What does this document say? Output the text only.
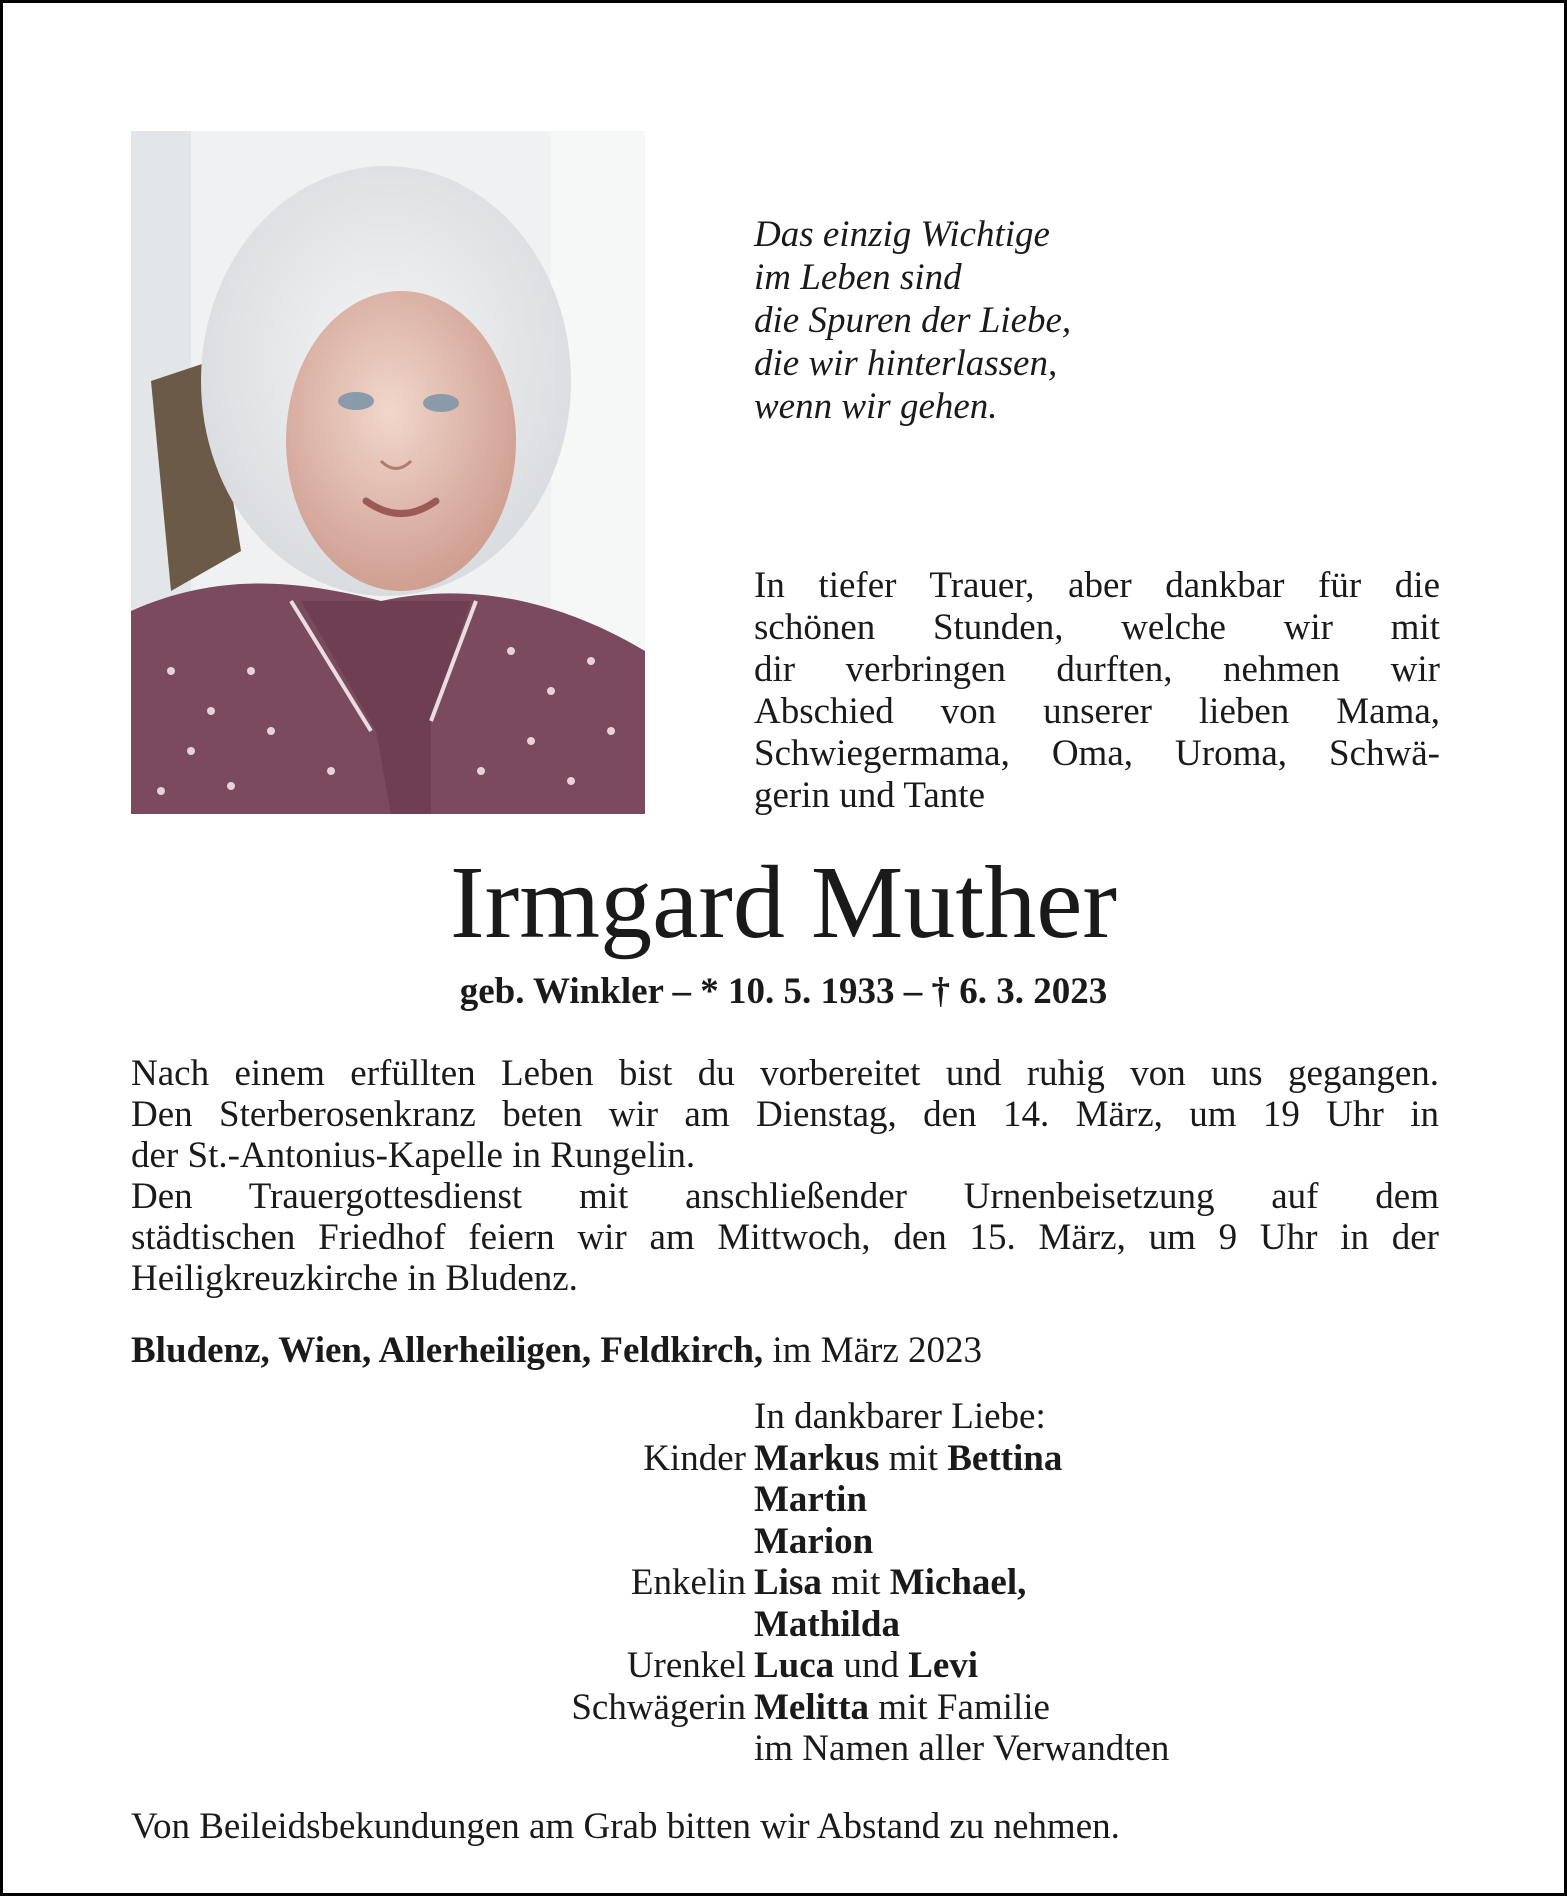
Das einzig Wichtige
im Leben sind
die Spuren der Liebe,
die wir hinterlassen,
wenn wir gehen.
In tiefer Trauer, aber dankbar für die
schönen Stunden, welche wir mit
dir verbringen durften, nehmen wir
Abschied von unserer lieben Mama,
Schwiegermama, Oma, Uroma, Schwä-
gerin und Tante
Irmgard Muther
geb. Winkler – * 10. 5. 1933 – † 6. 3. 2023
Nach einem erfüllten Leben bist du vorbereitet und ruhig von uns gegangen.
Den Sterberosenkranz beten wir am Dienstag, den 14. März, um 19 Uhr in
der St.-Antonius-Kapelle in Rungelin.
Den Trauergottesdienst mit anschließender Urnenbeisetzung auf dem
städtischen Friedhof feiern wir am Mittwoch, den 15. März, um 9 Uhr in der
Heiligkreuzkirche in Bludenz.
Bludenz, Wien, Allerheiligen, Feldkirch, im März 2023
In dankbarer Liebe:
Kinder Markus mit Bettina
Martin
Marion
Enkelin Lisa mit Michael,
Mathilda
Urenkel Luca und Levi
Schwägerin Melitta mit Familie
im Namen aller Verwandten
Von Beileidsbekundungen am Grab bitten wir Abstand zu nehmen.
